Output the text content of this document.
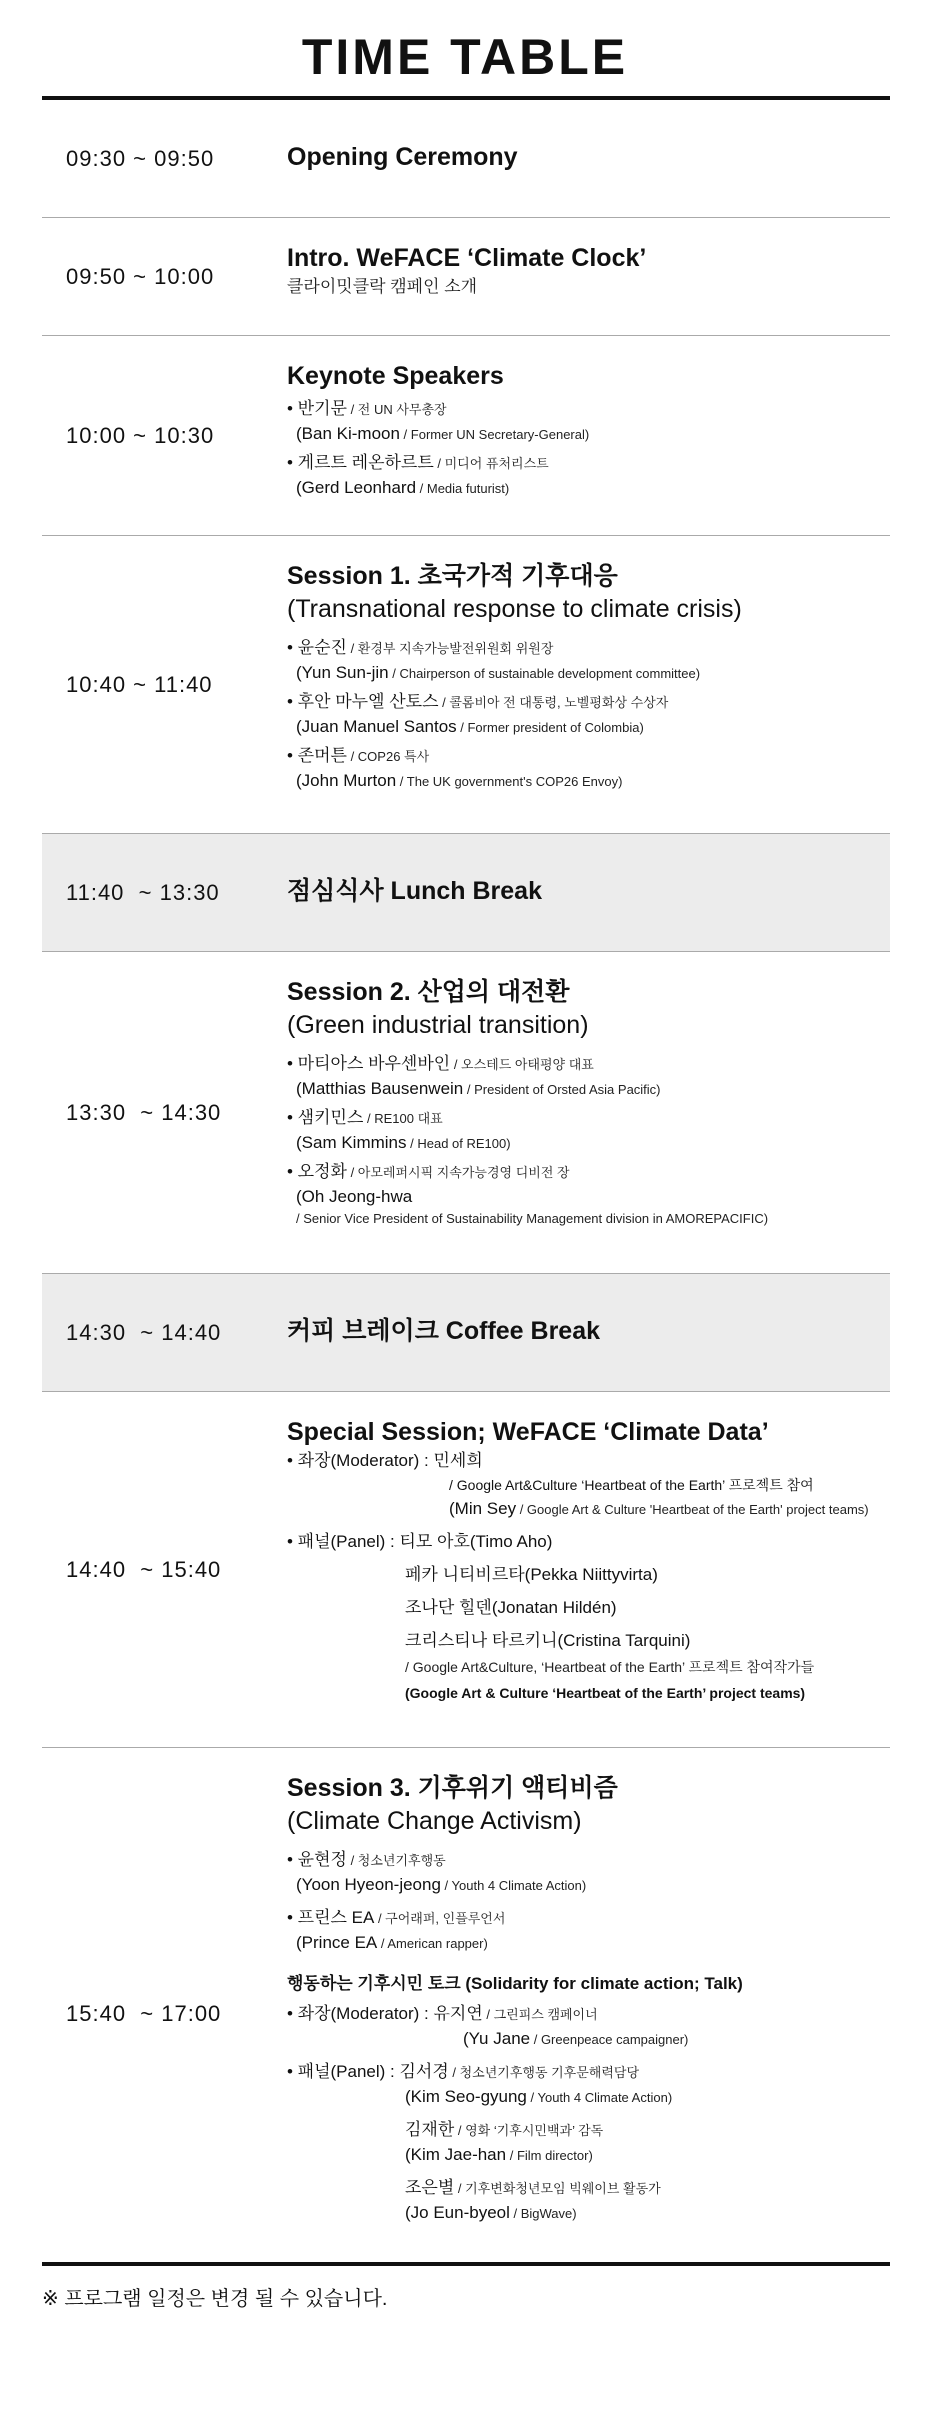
TIME TABLE
09:30 ~ 09:50	Opening Ceremony
09:50 ~ 10:00
Intro. WeFACE ‘Climate Clock’
클라이밋클락 캠페인 소개
10:00 ~ 10:30
Keynote Speakers
• 반기문 / 전 UN 사무총장
(Ban Ki-moon / Former UN Secretary-General)
• 게르트 레온하르트 / 미디어 퓨처리스트
(Gerd Leonhard / Media futurist)
10:40 ~ 11:40
Session 1. 초국가적 기후대응
(Transnational response to climate crisis)
• 윤순진 / 환경부 지속가능발전위원회 위원장
(Yun Sun-jin / Chairperson of sustainable development committee)
• 후안 마누엘 산토스 / 콜롬비아 전 대통령, 노벨평화상 수상자
(Juan Manuel Santos / Former president of Colombia)
• 존머튼 / COP26 특사
(John Murton / The UK government's COP26 Envoy)
11:40  ~ 13:30	점심식사 Lunch Break
13:30  ~ 14:30
Session 2. 산업의 대전환
(Green industrial transition)
• 마티아스 바우센바인 / 오스테드 아태평양 대표
(Matthias Bausenwein / President of Orsted Asia Pacific)
• 샘키민스 / RE100 대표
(Sam Kimmins / Head of RE100)
• 오정화 / 아모레퍼시픽 지속가능경영 디비전 장
(Oh Jeong-hwa
/ Senior Vice President of Sustainability Management division in AMOREPACIFIC)
14:30  ~ 14:40	커피 브레이크 Coffee Break
14:40  ~ 15:40
Special Session; WeFACE ‘Climate Data’
• 좌장(Moderator) : 민세희
/ Google Art&Culture ‘Heartbeat of the Earth’ 프로젝트 참여
(Min Sey / Google Art & Culture 'Heartbeat of the Earth' project teams)
• 패널(Panel) : 티모 아호(Timo Aho)
페카 니티비르타(Pekka Niittyvirta)
조나단 힐덴(Jonatan Hildén)
크리스티나 타르키니(Cristina Tarquini)
/ Google Art&Culture, ‘Heartbeat of the Earth’ 프로젝트 참여작가들
(Google Art & Culture ‘Heartbeat of the Earth’ project teams)
15:40  ~ 17:00
Session 3. 기후위기 액티비즘
(Climate Change Activism)
• 윤현정 / 청소년기후행동
(Yoon Hyeon-jeong / Youth 4 Climate Action)
• 프린스 EA / 구어래퍼, 인플루언서
(Prince EA / American rapper)
행동하는 기후시민 토크 (Solidarity for climate action; Talk)
• 좌장(Moderator) : 유지연 / 그린피스 캠페이너
(Yu Jane / Greenpeace campaigner)
• 패널(Panel) : 김서경 / 청소년기후행동 기후문해력담당
(Kim Seo-gyung / Youth 4 Climate Action)
김재한 / 영화 ‘기후시민백과’ 감독
(Kim Jae-han / Film director)
조은별 / 기후변화청년모임 빅웨이브 활동가
(Jo Eun-byeol / BigWave)
※ 프로그램 일정은 변경 될 수 있습니다.
